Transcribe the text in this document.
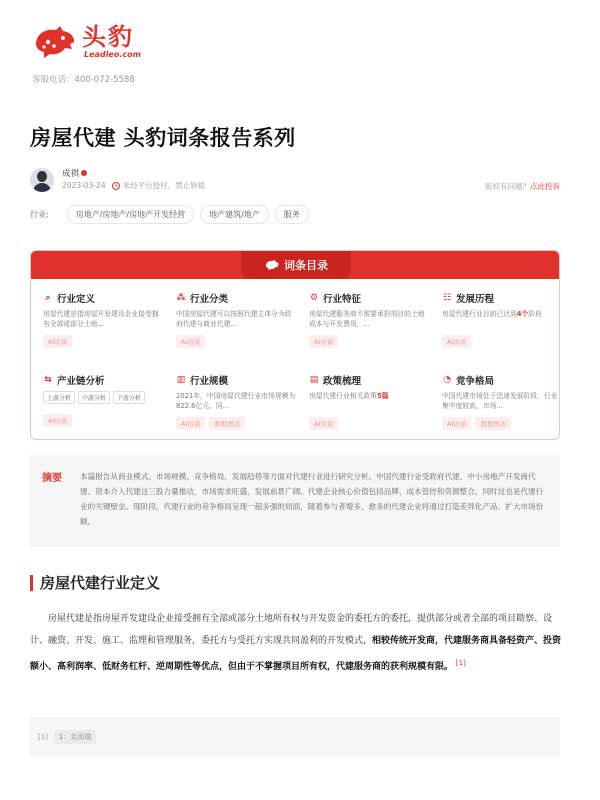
头豹
Leadleo.com
客服电话：400-072-5588
房屋代建 头豹词条报告系列
成祺
2023-03-24 未经平台授权，禁止转载	版权有问题？点此投诉
行业:	房地产/房地产/房地产开发经营	地产建筑/地产	服务
词条目录
⌕ 行业定义
房屋代建是指房屋开发建设企业接受拥有全部或部分土地...
AI访谈
⁂ 行业分类
中国房屋代建可以按照代建主体分为政府代建与商业代建...
AI访谈
⚙ 行业特征
房屋代建服务商不需要承担项目的土地成本与开发费用，...
AI访谈
☷ 发展历程
房屋代建行业目前已达到4个阶段
AI访谈
⇆ 产业链分析
上游分析	中游分析	下游分析
AI访谈
▥ 行业规模
2021年，中国房屋代建行业市场规模为822.6亿元。同...
AI访谈	数据图表
▤ 政策梳理
房屋代建行业相关政策5篇
AI访谈
◔ 竞争格局
中国代建市场处于迅速发展阶段，行业集中度较高，市场...
AI访谈	数据图表
摘要	本篇报告从商业模式、市场规模、竞争格局、发展趋势等方面对代建行业进行研究分析。中国代建行业受政府代建、中小房地产开发商代建、资本介入代建这三股力量推动，市场需求旺盛，发展前景广阔。代建企业核心价值包括品牌、成本管控和资源整合，同时这也是代建行业的关键壁垒。现阶段，代建行业的竞争格局呈现一超多强的局面，随着参与者增多，愈多的代建企业将通过打造差异化产品、扩大市场份额。
房屋代建行业定义

房屋代建是指房屋开发建设企业接受拥有全部或部分土地所有权与开发资金的委托方的委托，提供部分或者全部的项目勘察、设计、融资、开发、施工、监理和管理服务，委托方与受托方实现共同盈利的开发模式，相较传统开发商，代建服务商具备轻资产、投资额小、高利润率、低财务杠杆、逆周期性等优点，但由于不掌握项目所有权，代建服务商的获利规模有限。 [1]

[1]	1：克而瑞
